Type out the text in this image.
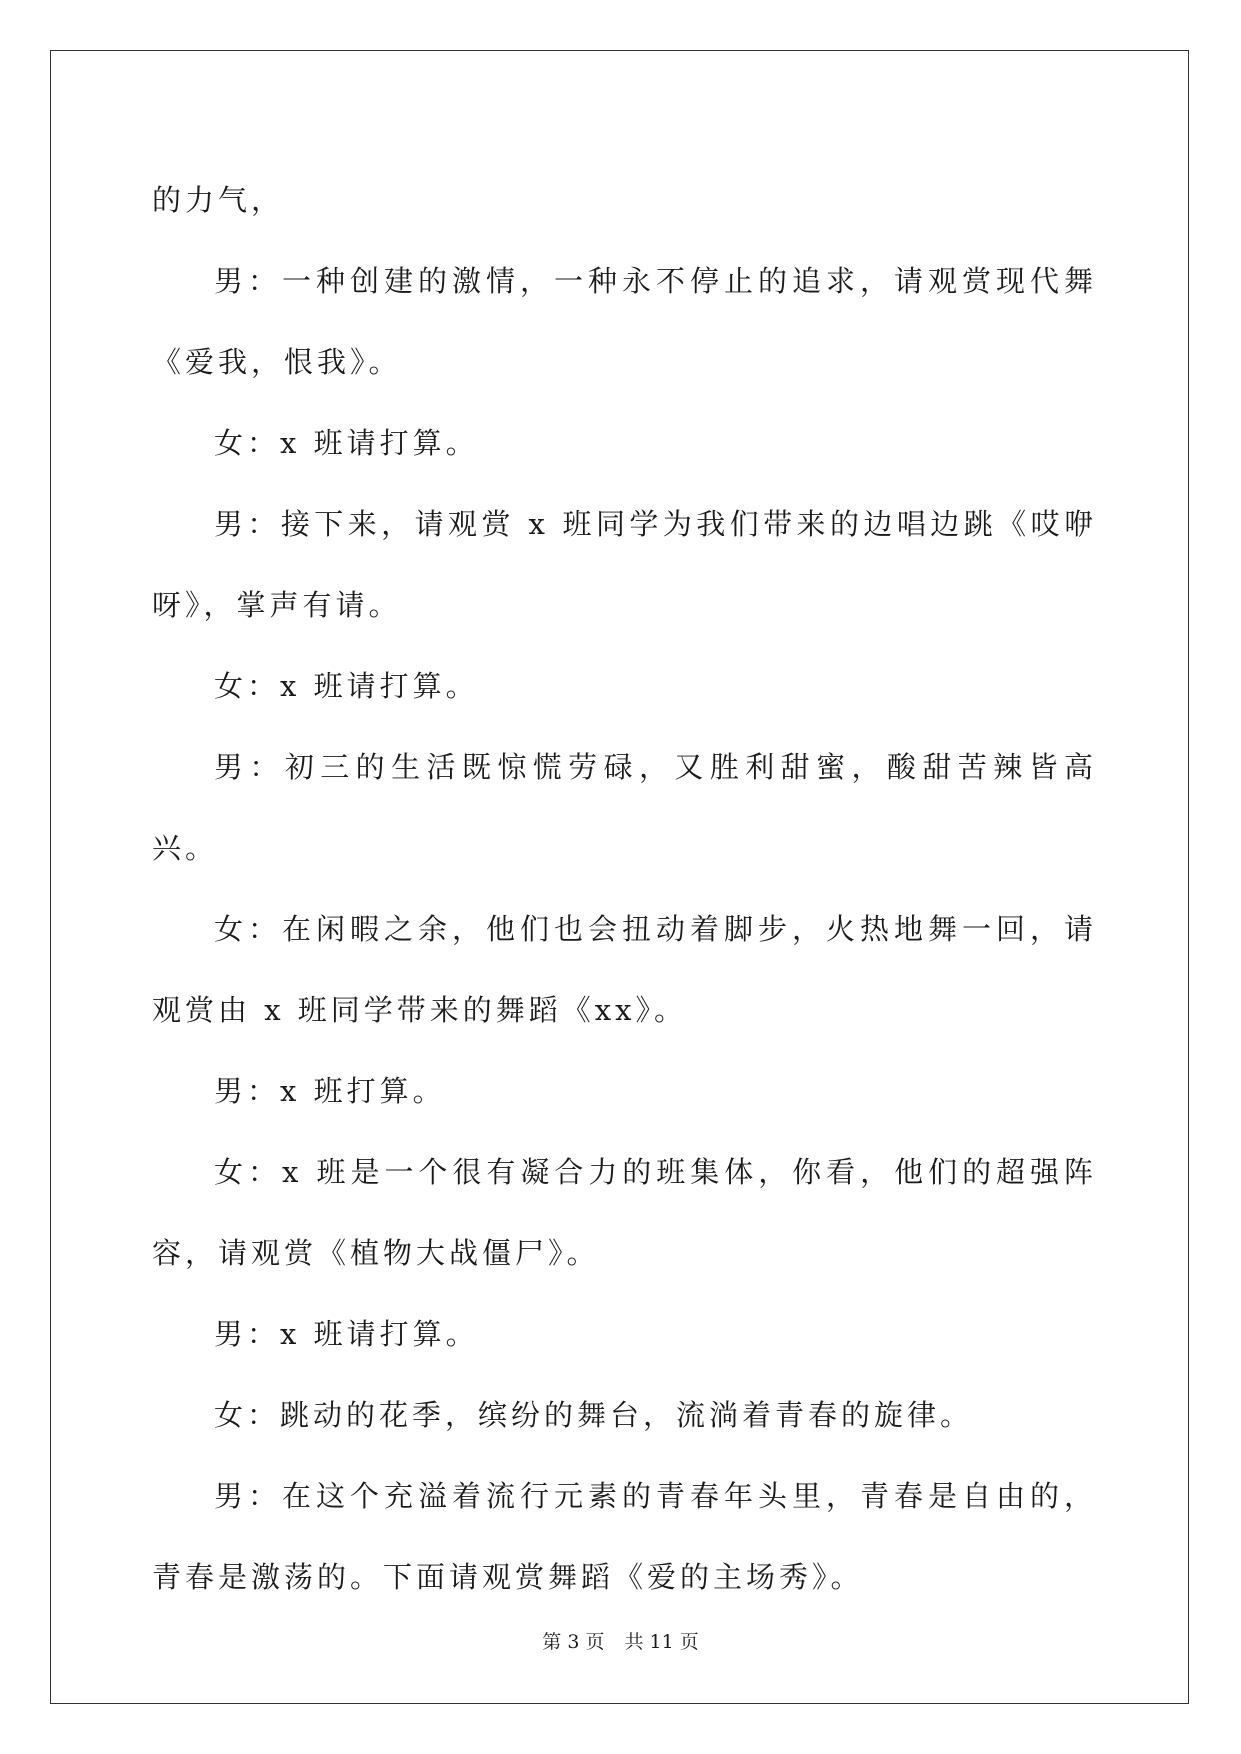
的力气，

男：一种创建的激情，一种永不停止的追求，请观赏现代舞《爱我，恨我》。

女：x 班请打算。

男：接下来，请观赏 x 班同学为我们带来的边唱边跳《哎咿呀》，掌声有请。

女：x 班请打算。

男：初三的生活既惊慌劳碌，又胜利甜蜜，酸甜苦辣皆高兴。

女：在闲暇之余，他们也会扭动着脚步，火热地舞一回，请观赏由 x 班同学带来的舞蹈《xx》。

男：x 班打算。

女：x 班是一个很有凝合力的班集体，你看，他们的超强阵容，请观赏《植物大战僵尸》。

男：x 班请打算。

女：跳动的花季，缤纷的舞台，流淌着青春的旋律。

男：在这个充溢着流行元素的青春年头里，青春是自由的，青春是激荡的。下面请观赏舞蹈《爱的主场秀》。

第 3 页 共 11 页
